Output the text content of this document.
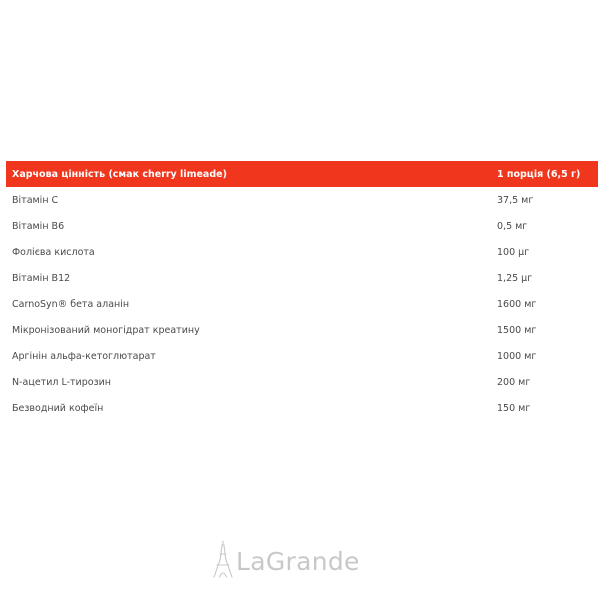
Харчова цінність (смак cherry limeade)	1 порція (6,5 г)
Вітамін С	37,5 мг
Вітамін В6	0,5 мг
Фолієва кислота	100 µг
Вітамін В12	1,25 µг
CarnoSyn® бета аланін	1600 мг
Мікронізований моногідрат креатину	1500 мг
Аргінін альфа-кетоглютарат	1000 мг
N-ацетил L-тирозин	200 мг
Безводний кофеїн	150 мг
LaGrande
